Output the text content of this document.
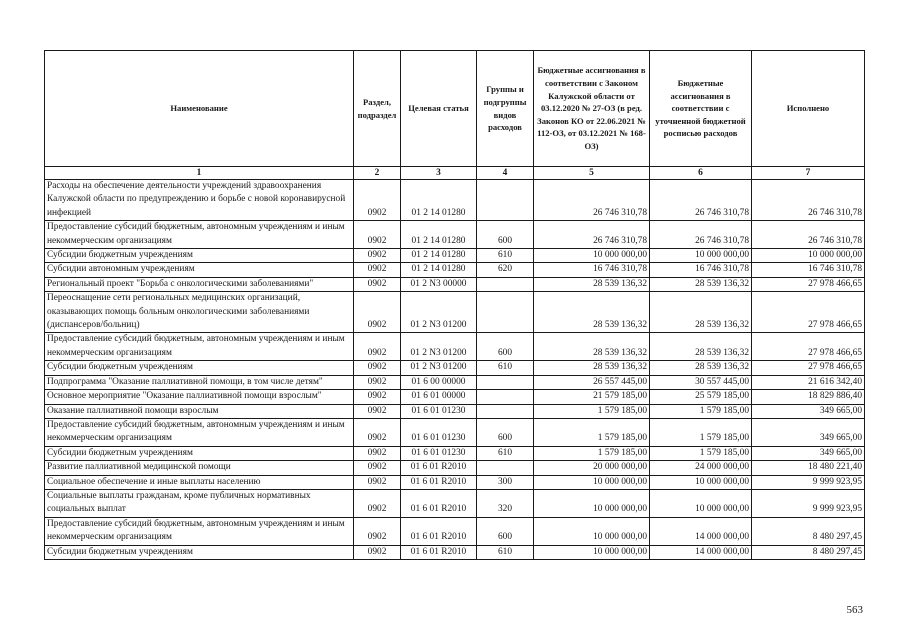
Наименование	Раздел, подраздел	Целевая статья	Группы и подгруппы видов расходов	Бюджетные ассигнования в соответствии с Законом Калужской области от 03.12.2020 № 27-ОЗ (в ред. Законов КО от 22.06.2021 № 112-ОЗ, от 03.12.2021 № 168-ОЗ)	Бюджетные ассигнования в соответствии с уточненной бюджетной росписью расходов	Исполнено
1	2	3	4	5	6	7
Расходы на обеспечение деятельности учреждений здравоохранения Калужской области по предупреждению и борьбе с новой коронавирусной инфекцией	0902	01 2 14 01280		26 746 310,78	26 746 310,78	26 746 310,78
Предоставление субсидий бюджетным, автономным учреждениям и иным некоммерческим организациям	0902	01 2 14 01280	600	26 746 310,78	26 746 310,78	26 746 310,78
Субсидии бюджетным учреждениям	0902	01 2 14 01280	610	10 000 000,00	10 000 000,00	10 000 000,00
Субсидии автономным учреждениям	0902	01 2 14 01280	620	16 746 310,78	16 746 310,78	16 746 310,78
Региональный проект "Борьба с онкологическими заболеваниями"	0902	01 2 N3 00000		28 539 136,32	28 539 136,32	27 978 466,65
Переоснащение сети региональных медицинских организаций, оказывающих помощь больным онкологическими заболеваниями (диспансеров/больниц)	0902	01 2 N3 01200		28 539 136,32	28 539 136,32	27 978 466,65
Предоставление субсидий бюджетным, автономным учреждениям и иным некоммерческим организациям	0902	01 2 N3 01200	600	28 539 136,32	28 539 136,32	27 978 466,65
Субсидии бюджетным учреждениям	0902	01 2 N3 01200	610	28 539 136,32	28 539 136,32	27 978 466,65
Подпрограмма "Оказание паллиативной помощи, в том числе детям"	0902	01 6 00 00000		26 557 445,00	30 557 445,00	21 616 342,40
Основное мероприятие "Оказание паллиативной помощи взрослым"	0902	01 6 01 00000		21 579 185,00	25 579 185,00	18 829 886,40
Оказание паллиативной помощи взрослым	0902	01 6 01 01230		1 579 185,00	1 579 185,00	349 665,00
Предоставление субсидий бюджетным, автономным учреждениям и иным некоммерческим организациям	0902	01 6 01 01230	600	1 579 185,00	1 579 185,00	349 665,00
Субсидии бюджетным учреждениям	0902	01 6 01 01230	610	1 579 185,00	1 579 185,00	349 665,00
Развитие паллиативной медицинской помощи	0902	01 6 01 R2010		20 000 000,00	24 000 000,00	18 480 221,40
Социальное обеспечение и иные выплаты населению	0902	01 6 01 R2010	300	10 000 000,00	10 000 000,00	9 999 923,95
Социальные выплаты гражданам, кроме публичных нормативных социальных выплат	0902	01 6 01 R2010	320	10 000 000,00	10 000 000,00	9 999 923,95
Предоставление субсидий бюджетным, автономным учреждениям и иным некоммерческим организациям	0902	01 6 01 R2010	600	10 000 000,00	14 000 000,00	8 480 297,45
Субсидии бюджетным учреждениям	0902	01 6 01 R2010	610	10 000 000,00	14 000 000,00	8 480 297,45
563
